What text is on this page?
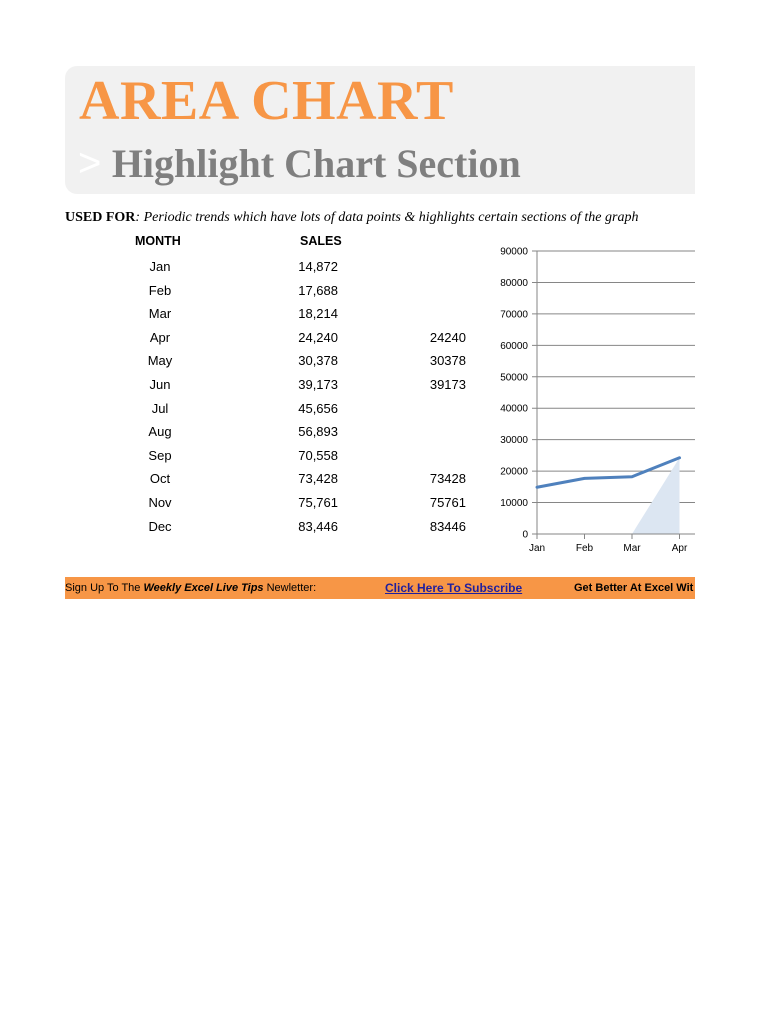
AREA CHART
> Highlight Chart Section
USED FOR: Periodic trends which have lots of data points & highlights certain sections of the graph
MONTH	SALES
Jan	14,872
Feb	17,688
Mar	18,214
Apr	24,240	24240
May	30,378	30378
Jun	39,173	39173
Jul	45,656
Aug	56,893
Sep	70,558
Oct	73,428	73428
Nov	75,761	75761
Dec	83,446	83446
0
10000
20000
30000
40000
50000
60000
70000
80000
90000
Jan	Feb	Mar	Apr
Sign Up To The Weekly Excel Live Tips Newletter:	Click Here To Subscribe	Get Better At Excel Wit
